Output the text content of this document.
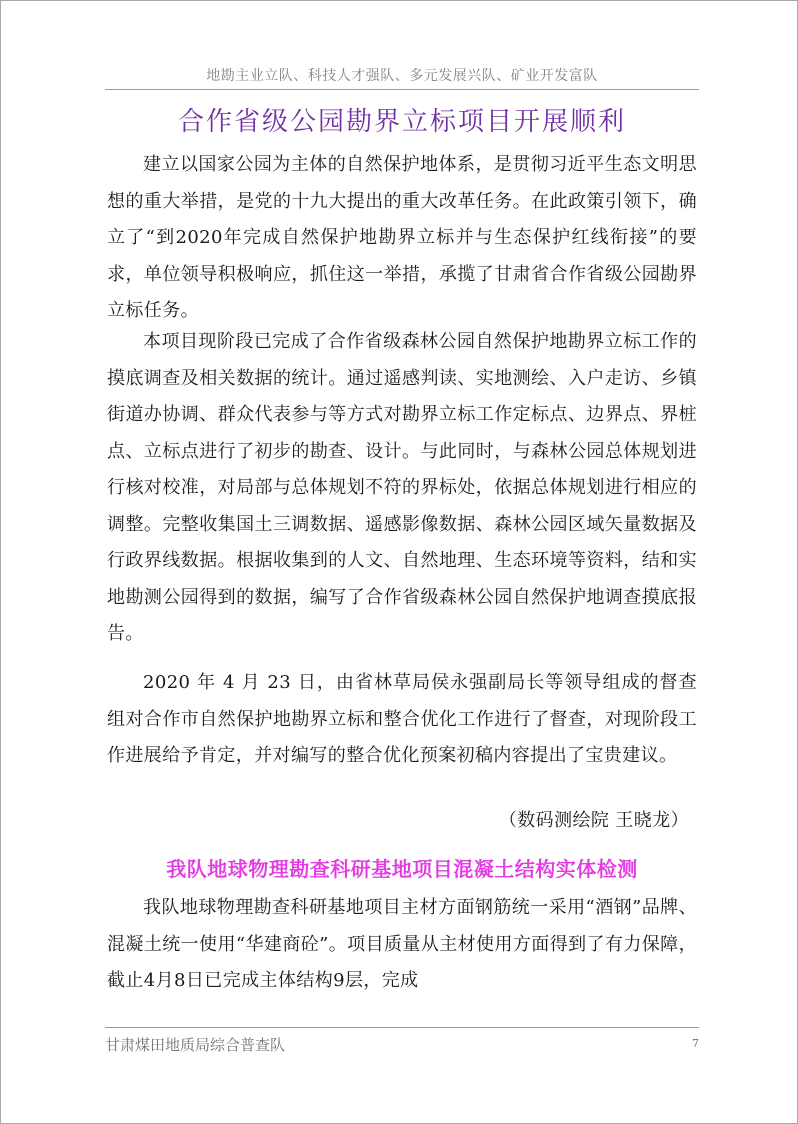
地勘主业立队、科技人才强队、多元发展兴队、矿业开发富队
合作省级公园勘界立标项目开展顺利

建立以国家公园为主体的自然保护地体系，是贯彻习近平生态文明思想的重大举措，是党的十九大提出的重大改革任务。在此政策引领下，确立了“到2020年完成自然保护地勘界立标并与生态保护红线衔接”的要求，单位领导积极响应，抓住这一举措，承揽了甘肃省合作省级公园勘界立标任务。

本项目现阶段已完成了合作省级森林公园自然保护地勘界立标工作的摸底调查及相关数据的统计。通过遥感判读、实地测绘、入户走访、乡镇街道办协调、群众代表参与等方式对勘界立标工作定标点、边界点、界桩点、立标点进行了初步的勘查、设计。与此同时，与森林公园总体规划进行核对校准，对局部与总体规划不符的界标处，依据总体规划进行相应的调整。完整收集国土三调数据、遥感影像数据、森林公园区域矢量数据及行政界线数据。根据收集到的人文、自然地理、生态环境等资料，结和实地勘测公园得到的数据，编写了合作省级森林公园自然保护地调查摸底报告。

2020 年 4 月 23 日，由省林草局侯永强副局长等领导组成的督查组对合作市自然保护地勘界立标和整合优化工作进行了督查，对现阶段工作进展给予肯定，并对编写的整合优化预案初稿内容提出了宝贵建议。

（数码测绘院 王晓龙）
我队地球物理勘查科研基地项目混凝土结构实体检测

我队地球物理勘查科研基地项目主材方面钢筋统一采用“酒钢”品牌、混凝土统一使用“华建商砼”。项目质量从主材使用方面得到了有力保障，截止4月8日已完成主体结构9层，完成

甘肃煤田地质局综合普查队	7
